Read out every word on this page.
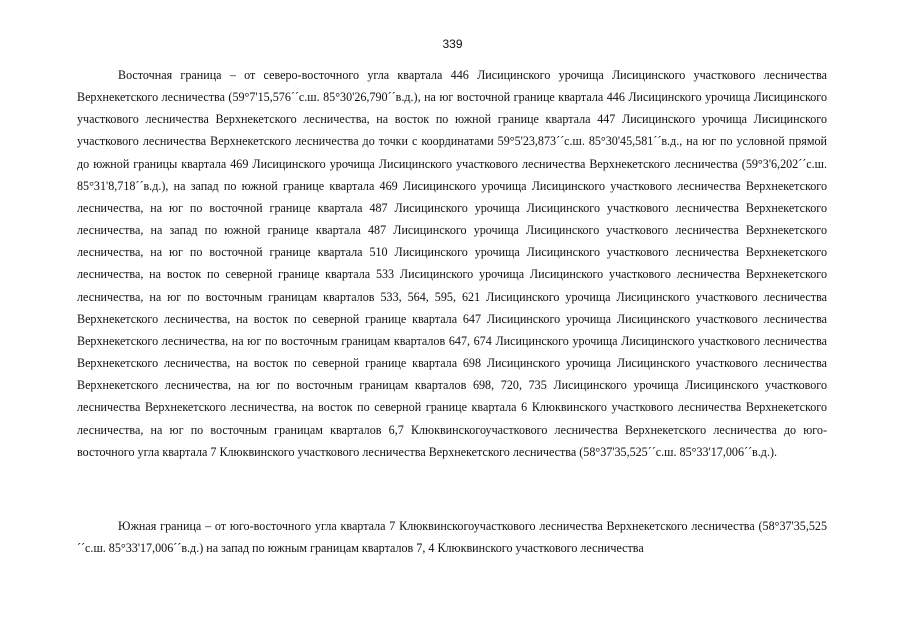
339

Восточная граница – от северо-восточного угла квартала 446 Лисицинского урочища Лисицинского участкового лесничества Верхнекетского лесничества (59°7'15,576´´с.ш. 85°30'26,790´´в.д.), на юг восточной границе квартала 446 Лисицинского урочища Лисицинского участкового лесничества Верхнекетского лесничества, на восток по южной границе квартала 447 Лисицинского урочища Лисицинского участкового лесничества Верхнекетского лесничества до точки с координатами 59°5'23,873´´с.ш. 85°30'45,581´´в.д., на юг по условной прямой до южной границы квартала 469 Лисицинского урочища Лисицинского участкового лесничества Верхнекетского лесничества (59°3'6,202´´с.ш. 85°31'8,718´´в.д.), на запад по южной границе квартала 469 Лисицинского урочища Лисицинского участкового лесничества Верхнекетского лесничества, на юг по восточной границе квартала 487 Лисицинского урочища Лисицинского участкового лесничества Верхнекетского лесничества, на запад по южной границе квартала 487 Лисицинского урочища Лисицинского участкового лесничества Верхнекетского лесничества, на юг по восточной границе квартала 510 Лисицинского урочища Лисицинского участкового лесничества Верхнекетского лесничества, на восток по северной границе квартала 533 Лисицинского урочища Лисицинского участкового лесничества Верхнекетского лесничества, на юг по восточным границам кварталов 533, 564, 595, 621 Лисицинского урочища Лисицинского участкового лесничества Верхнекетского лесничества, на восток по северной границе квартала 647 Лисицинского урочища Лисицинского участкового лесничества Верхнекетского лесничества, на юг по восточным границам кварталов 647, 674 Лисицинского урочища Лисицинского участкового лесничества Верхнекетского лесничества, на восток по северной границе квартала 698 Лисицинского урочища Лисицинского участкового лесничества Верхнекетского лесничества, на юг по восточным границам кварталов 698, 720, 735 Лисицинского урочища Лисицинского участкового лесничества Верхнекетского лесничества, на восток по северной границе квартала 6 Клюквинского участкового лесничества Верхнекетского лесничества, на юг по восточным границам кварталов 6,7 Клюквинскогоучасткового лесничества Верхнекетского лесничества до юго-восточного угла квартала 7 Клюквинского участкового лесничества Верхнекетского лесничества (58°37'35,525´´с.ш. 85°33'17,006´´в.д.).

Южная граница – от юго-восточного угла квартала 7 Клюквинскогоучасткового лесничества Верхнекетского лесничества (58°37'35,525´´с.ш. 85°33'17,006´´в.д.) на запад по южным границам кварталов 7, 4 Клюквинского участкового лесничества
